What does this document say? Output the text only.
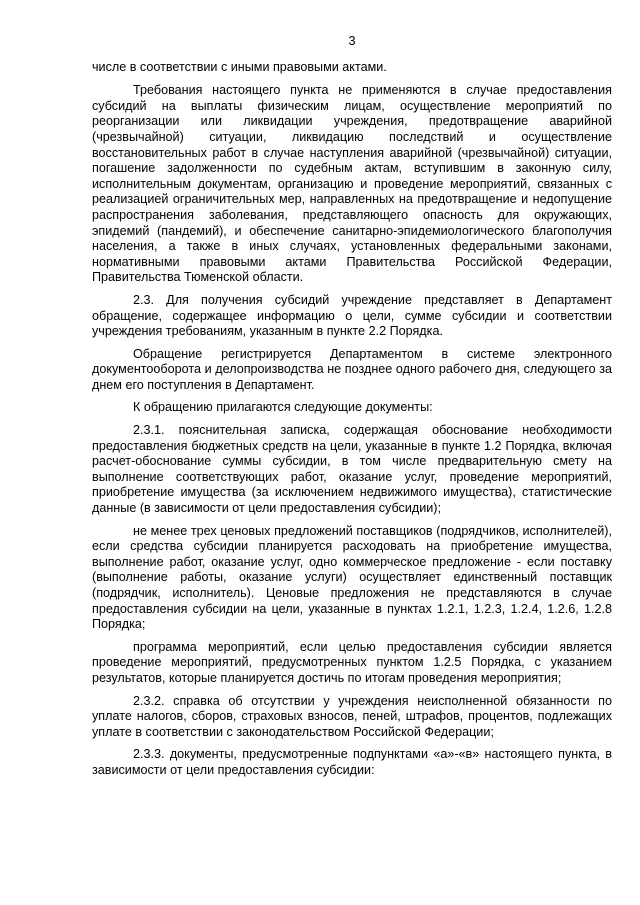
3

числе в соответствии с иными правовыми актами.

Требования настоящего пункта не применяются в случае предоставления субсидий на выплаты физическим лицам, осуществление мероприятий по реорганизации или ликвидации учреждения, предотвращение аварийной (чрезвычайной) ситуации, ликвидацию последствий и осуществление восстановительных работ в случае наступления аварийной (чрезвычайной) ситуации, погашение задолженности по судебным актам, вступившим в законную силу, исполнительным документам, организацию и проведение мероприятий, связанных с реализацией ограничительных мер, направленных на предотвращение и недопущение распространения заболевания, представляющего опасность для окружающих, эпидемий (пандемий), и обеспечение санитарно-эпидемиологического благополучия населения, а также в иных случаях, установленных федеральными законами, нормативными правовыми актами Правительства Российской Федерации, Правительства Тюменской области.

2.3. Для получения субсидий учреждение представляет в Департамент обращение, содержащее информацию о цели, сумме субсидии и соответствии учреждения требованиям, указанным в пункте 2.2 Порядка.

Обращение регистрируется Департаментом в системе электронного документооборота и делопроизводства не позднее одного рабочего дня, следующего за днем его поступления в Департамент.

К обращению прилагаются следующие документы:

2.3.1. пояснительная записка, содержащая обоснование необходимости предоставления бюджетных средств на цели, указанные в пункте 1.2 Порядка, включая расчет-обоснование суммы субсидии, в том числе предварительную смету на выполнение соответствующих работ, оказание услуг, проведение мероприятий, приобретение имущества (за исключением недвижимого имущества), статистические данные (в зависимости от цели предоставления субсидии);

не менее трех ценовых предложений поставщиков (подрядчиков, исполнителей), если средства субсидии планируется расходовать на приобретение имущества, выполнение работ, оказание услуг, одно коммерческое предложение - если поставку (выполнение работы, оказание услуги) осуществляет единственный поставщик (подрядчик, исполнитель). Ценовые предложения не представляются в случае предоставления субсидии на цели, указанные в пунктах 1.2.1, 1.2.3, 1.2.4, 1.2.6, 1.2.8 Порядка;

программа мероприятий, если целью предоставления субсидии является проведение мероприятий, предусмотренных пунктом 1.2.5 Порядка, с указанием результатов, которые планируется достичь по итогам проведения мероприятия;

2.3.2. справка об отсутствии у учреждения неисполненной обязанности по уплате налогов, сборов, страховых взносов, пеней, штрафов, процентов, подлежащих уплате в соответствии с законодательством Российской Федерации;

2.3.3. документы, предусмотренные подпунктами «а»-«в» настоящего пункта, в зависимости от цели предоставления субсидии:
